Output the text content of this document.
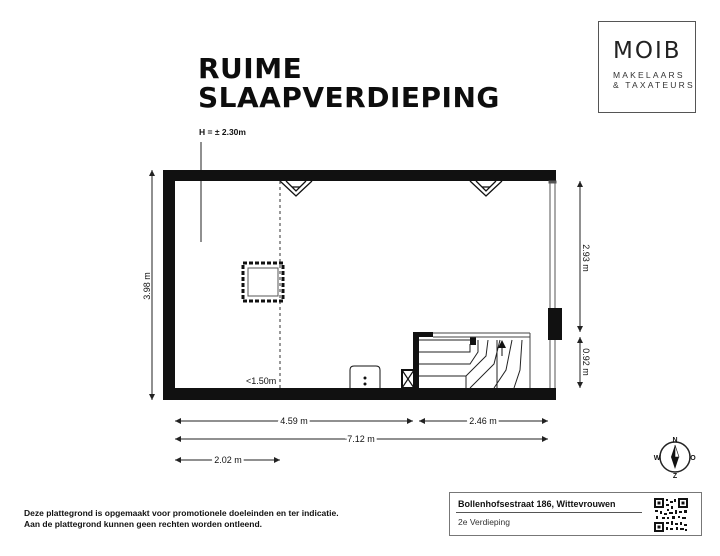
RUIME
SLAAPVERDIEPING
MOIB
MAKELAARS
& TAXATEURS
H = ± 2.30m
<1.50m
3.98 m
2.93 m
0.92 m
4.59 m	2.46 m
7.12 m
2.02 m
N
O
Z
W
Deze plattegrond is opgemaakt voor promotionele doeleinden en ter indicatie.
Aan de plattegrond kunnen geen rechten worden ontleend.
Bollenhofsestraat 186, Wittevrouwen
2e Verdieping
